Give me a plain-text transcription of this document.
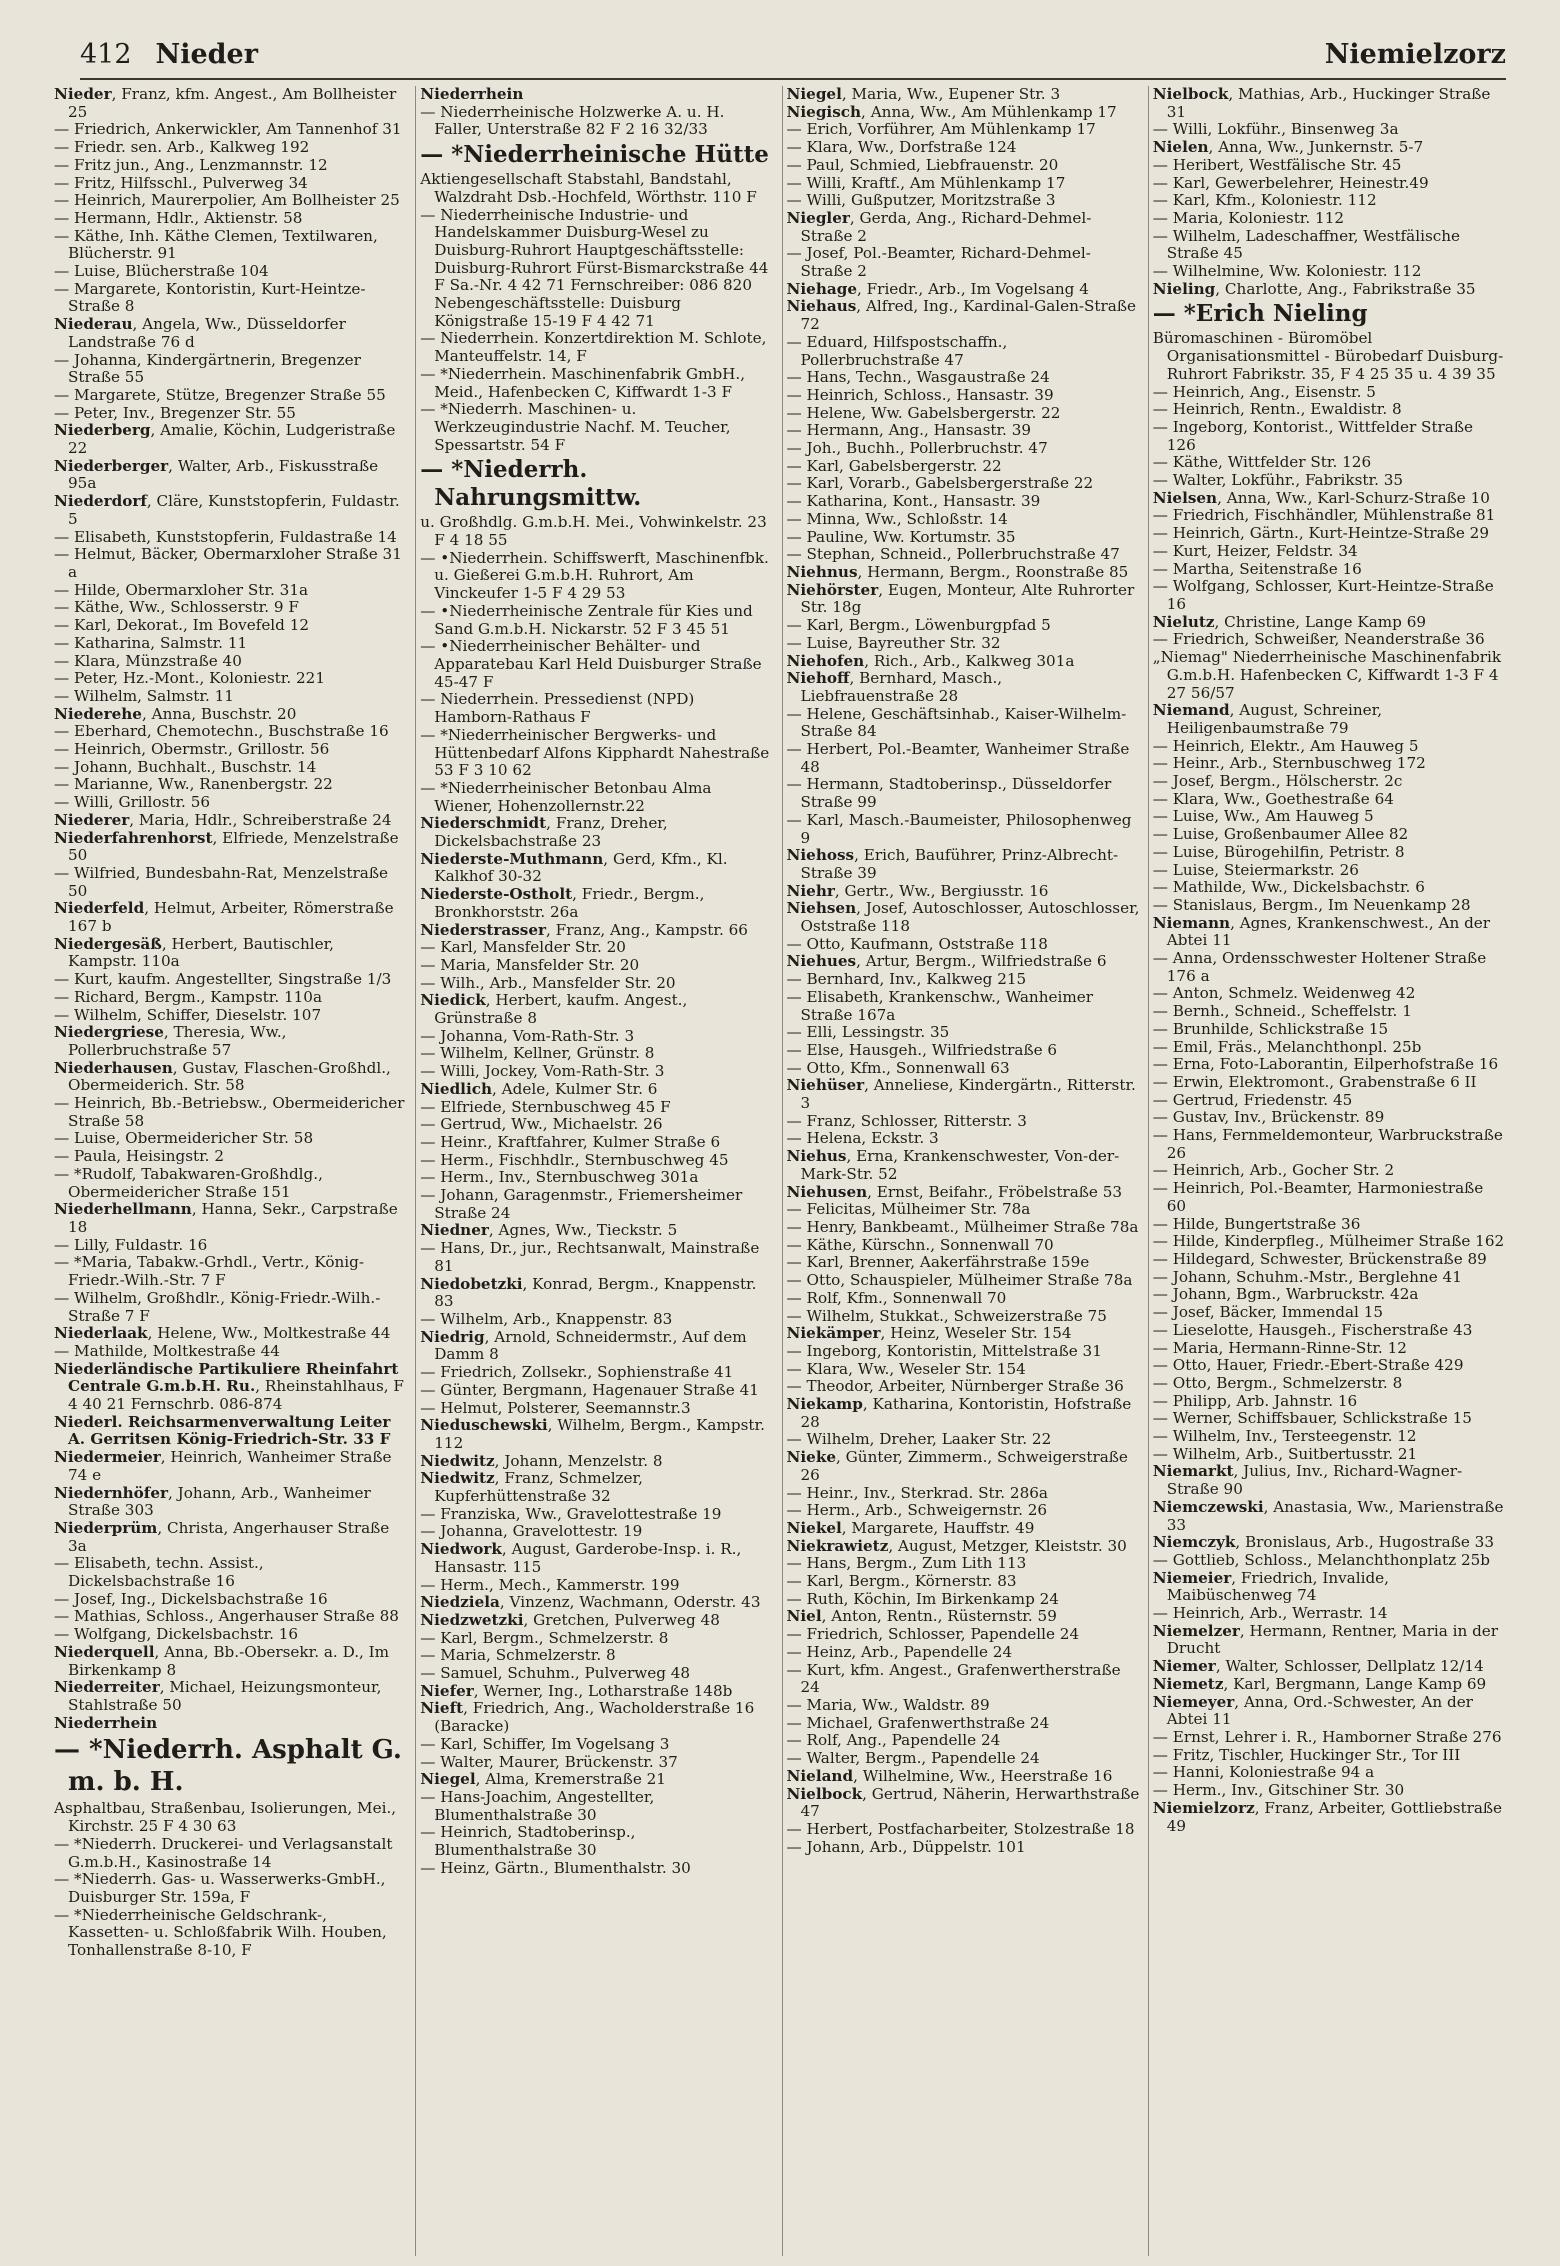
412 Nieder	Niemielzorz

Nieder, Franz, kfm. Angest., Am Bollheister 25

— Friedrich, Ankerwickler, Am Tannenhof 31

— Friedr. sen. Arb., Kalkweg 192

— Fritz jun., Ang., Lenzmannstr. 12

— Fritz, Hilfsschl., Pulverweg 34

— Heinrich, Maurerpolier, Am Bollheister 25

— Hermann, Hdlr., Aktienstr. 58

— Käthe, Inh. Käthe Clemen, Textilwaren, Blücherstr. 91

— Luise, Blücherstraße 104

— Margarete, Kontoristin, Kurt-Heintze-Straße 8

Niederau, Angela, Ww., Düsseldorfer Landstraße 76 d

— Johanna, Kindergärtnerin, Bregenzer Straße 55

— Margarete, Stütze, Bregenzer Straße 55

— Peter, Inv., Bregenzer Str. 55

Niederberg, Amalie, Köchin, Ludgeristraße 22

Niederberger, Walter, Arb., Fiskusstraße 95a

Niederdorf, Cläre, Kunststopferin, Fuldastr. 5

— Elisabeth, Kunststopferin, Fuldastraße 14

— Helmut, Bäcker, Obermarxloher Straße 31 a

— Hilde, Obermarxloher Str. 31a

— Käthe, Ww., Schlosserstr. 9 F

— Karl, Dekorat., Im Bovefeld 12

— Katharina, Salmstr. 11

— Klara, Münzstraße 40

— Peter, Hz.-Mont., Koloniestr. 221

— Wilhelm, Salmstr. 11

Niederehe, Anna, Buschstr. 20

— Eberhard, Chemotechn., Buschstraße 16

— Heinrich, Obermstr., Grillostr. 56

— Johann, Buchhalt., Buschstr. 14

— Marianne, Ww., Ranenbergstr. 22

— Willi, Grillostr. 56

Niederer, Maria, Hdlr., Schreiberstraße 24

Niederfahrenhorst, Elfriede, Menzelstraße 50

— Wilfried, Bundesbahn-Rat, Menzelstraße 50

Niederfeld, Helmut, Arbeiter, Römerstraße 167 b

Niedergesäß, Herbert, Bautischler, Kampstr. 110a

— Kurt, kaufm. Angestellter, Singstraße 1/3

— Richard, Bergm., Kampstr. 110a

— Wilhelm, Schiffer, Dieselstr. 107

Niedergriese, Theresia, Ww., Pollerbruchstraße 57

Niederhausen, Gustav, Flaschen-Großhdl., Obermeiderich. Str. 58

— Heinrich, Bb.-Betriebsw., Obermeidericher Straße 58

— Luise, Obermeidericher Str. 58

— Paula, Heisingstr. 2

— *Rudolf, Tabakwaren-Großhdlg., Obermeidericher Straße 151

Niederhellmann, Hanna, Sekr., Carpstraße 18

— Lilly, Fuldastr. 16

— *Maria, Tabakw.-Grhdl., Vertr., König-Friedr.-Wilh.-Str. 7 F

— Wilhelm, Großhdlr., König-Friedr.-Wilh.-Straße 7 F

Niederlaak, Helene, Ww., Moltkestraße 44

— Mathilde, Moltkestraße 44

Niederländische Partikuliere Rheinfahrt Centrale G.m.b.H. Ru., Rheinstahlhaus, F 4 40 21 Fernschrb. 086-874

Niederl. Reichsarmenverwaltung Leiter A. Gerritsen König-Friedrich-Str. 33 F

Niedermeier, Heinrich, Wanheimer Straße 74 e

Niedernhöfer, Johann, Arb., Wanheimer Straße 303

Niederprüm, Christa, Angerhauser Straße 3a

— Elisabeth, techn. Assist., Dickelsbachstraße 16

— Josef, Ing., Dickelsbachstraße 16

— Mathias, Schloss., Angerhauser Straße 88

— Wolfgang, Dickelsbachstr. 16

Niederquell, Anna, Bb.-Obersekr. a. D., Im Birkenkamp 8

Niederreiter, Michael, Heizungsmonteur, Stahlstraße 50

Niederrhein

— *Niederrh. Asphalt G. m. b. H.

Asphaltbau, Straßenbau, Isolierungen, Mei., Kirchstr. 25 F 4 30 63

— *Niederrh. Druckerei- und Verlagsanstalt G.m.b.H., Kasinostraße 14

— *Niederrh. Gas- u. Wasserwerks-GmbH., Duisburger Str. 159a, F

— *Niederrheinische Geldschrank-, Kassetten- u. Schloßfabrik Wilh. Houben, Tonhallenstraße 8-10, F

Niederrhein

— Niederrheinische Holzwerke A. u. H. Faller, Unterstraße 82 F 2 16 32/33

— *Niederrheinische Hütte

Aktiengesellschaft Stabstahl, Bandstahl, Walzdraht Dsb.-Hochfeld, Wörthstr. 110 F

— Niederrheinische Industrie- und Handelskammer Duisburg-Wesel zu Duisburg-Ruhrort Hauptgeschäftsstelle: Duisburg-Ruhrort Fürst-Bismarckstraße 44 F Sa.-Nr. 4 42 71 Fernschreiber: 086 820 Nebengeschäftsstelle: Duisburg Königstraße 15-19 F 4 42 71

— Niederrhein. Konzertdirektion M. Schlote, Manteuffelstr. 14, F

— *Niederrhein. Maschinenfabrik GmbH., Meid., Hafenbecken C, Kiffwardt 1-3 F

— *Niederrh. Maschinen- u. Werkzeugindustrie Nachf. M. Teucher, Spessartstr. 54 F

— *Niederrh. Nahrungsmittw.

u. Großhdlg. G.m.b.H. Mei., Vohwinkelstr. 23 F 4 18 55

— •Niederrhein. Schiffswerft, Maschinenfbk. u. Gießerei G.m.b.H. Ruhrort, Am Vinckeufer 1-5 F 4 29 53

— •Niederrheinische Zentrale für Kies und Sand G.m.b.H. Nickarstr. 52 F 3 45 51

— •Niederrheinischer Behälter- und Apparatebau Karl Held Duisburger Straße 45-47 F

— Niederrhein. Pressedienst (NPD) Hamborn-Rathaus F

— *Niederrheinischer Bergwerks- und Hüttenbedarf Alfons Kipphardt Nahestraße 53 F 3 10 62

— *Niederrheinischer Betonbau Alma Wiener, Hohenzollernstr.22

Niederschmidt, Franz, Dreher, Dickelsbachstraße 23

Niederste-Muthmann, Gerd, Kfm., Kl. Kalkhof 30-32

Niederste-Ostholt, Friedr., Bergm., Bronkhorststr. 26a

Niederstrasser, Franz, Ang., Kampstr. 66

— Karl, Mansfelder Str. 20

— Maria, Mansfelder Str. 20

— Wilh., Arb., Mansfelder Str. 20

Niedick, Herbert, kaufm. Angest., Grünstraße 8

— Johanna, Vom-Rath-Str. 3

— Wilhelm, Kellner, Grünstr. 8

— Willi, Jockey, Vom-Rath-Str. 3

Niedlich, Adele, Kulmer Str. 6

— Elfriede, Sternbuschweg 45 F

— Gertrud, Ww., Michaelstr. 26

— Heinr., Kraftfahrer, Kulmer Straße 6

— Herm., Fischhdlr., Sternbuschweg 45

— Herm., Inv., Sternbuschweg 301a

— Johann, Garagenmstr., Friemersheimer Straße 24

Niedner, Agnes, Ww., Tieckstr. 5

— Hans, Dr., jur., Rechtsanwalt, Mainstraße 81

Niedobetzki, Konrad, Bergm., Knappenstr. 83

— Wilhelm, Arb., Knappenstr. 83

Niedrig, Arnold, Schneidermstr., Auf dem Damm 8

— Friedrich, Zollsekr., Sophienstraße 41

— Günter, Bergmann, Hagenauer Straße 41

— Helmut, Polsterer, Seemannstr.3

Nieduschewski, Wilhelm, Bergm., Kampstr. 112

Niedwitz, Johann, Menzelstr. 8

Niedwitz, Franz, Schmelzer, Kupferhüttenstraße 32

— Franziska, Ww., Gravelottestraße 19

— Johanna, Gravelottestr. 19

Niedwork, August, Garderobe-Insp. i. R., Hansastr. 115

— Herm., Mech., Kammerstr. 199

Niedziela, Vinzenz, Wachmann, Oderstr. 43

Niedzwetzki, Gretchen, Pulverweg 48

— Karl, Bergm., Schmelzerstr. 8

— Maria, Schmelzerstr. 8

— Samuel, Schuhm., Pulverweg 48

Niefer, Werner, Ing., Lotharstraße 148b

Nieft, Friedrich, Ang., Wacholderstraße 16 (Baracke)

— Karl, Schiffer, Im Vogelsang 3

— Walter, Maurer, Brückenstr. 37

Niegel, Alma, Kremerstraße 21

— Hans-Joachim, Angestellter, Blumenthalstraße 30

— Heinrich, Stadtoberinsp., Blumenthalstraße 30

— Heinz, Gärtn., Blumenthalstr. 30

Niegel, Maria, Ww., Eupener Str. 3

Niegisch, Anna, Ww., Am Mühlenkamp 17

— Erich, Vorführer, Am Mühlenkamp 17

— Klara, Ww., Dorfstraße 124

— Paul, Schmied, Liebfrauenstr. 20

— Willi, Kraftf., Am Mühlenkamp 17

— Willi, Gußputzer, Moritzstraße 3

Niegler, Gerda, Ang., Richard-Dehmel-Straße 2

— Josef, Pol.-Beamter, Richard-Dehmel-Straße 2

Niehage, Friedr., Arb., Im Vogelsang 4

Niehaus, Alfred, Ing., Kardinal-Galen-Straße 72

— Eduard, Hilfspostschaffn., Pollerbruchstraße 47

— Hans, Techn., Wasgaustraße 24

— Heinrich, Schloss., Hansastr. 39

— Helene, Ww. Gabelsbergerstr. 22

— Hermann, Ang., Hansastr. 39

— Joh., Buchh., Pollerbruchstr. 47

— Karl, Gabelsbergerstr. 22

— Karl, Vorarb., Gabelsbergerstraße 22

— Katharina, Kont., Hansastr. 39

— Minna, Ww., Schloßstr. 14

— Pauline, Ww. Kortumstr. 35

— Stephan, Schneid., Pollerbruchstraße 47

Niehnus, Hermann, Bergm., Roonstraße 85

Niehörster, Eugen, Monteur, Alte Ruhrorter Str. 18g

— Karl, Bergm., Löwenburgpfad 5

— Luise, Bayreuther Str. 32

Niehofen, Rich., Arb., Kalkweg 301a

Niehoff, Bernhard, Masch., Liebfrauenstraße 28

— Helene, Geschäftsinhab., Kaiser-Wilhelm-Straße 84

— Herbert, Pol.-Beamter, Wanheimer Straße 48

— Hermann, Stadtoberinsp., Düsseldorfer Straße 99

— Karl, Masch.-Baumeister, Philosophenweg 9

Niehoss, Erich, Bauführer, Prinz-Albrecht-Straße 39

Niehr, Gertr., Ww., Bergiusstr. 16

Niehsen, Josef, Autoschlosser, Autoschlosser, Oststraße 118

— Otto, Kaufmann, Oststraße 118

Niehues, Artur, Bergm., Wilfriedstraße 6

— Bernhard, Inv., Kalkweg 215

— Elisabeth, Krankenschw., Wanheimer Straße 167a

— Elli, Lessingstr. 35

— Else, Hausgeh., Wilfriedstraße 6

— Otto, Kfm., Sonnenwall 63

Niehüser, Anneliese, Kindergärtn., Ritterstr. 3

— Franz, Schlosser, Ritterstr. 3

— Helena, Eckstr. 3

Niehus, Erna, Krankenschwester, Von-der-Mark-Str. 52

Niehusen, Ernst, Beifahr., Fröbelstraße 53

— Felicitas, Mülheimer Str. 78a

— Henry, Bankbeamt., Mülheimer Straße 78a

— Käthe, Kürschn., Sonnenwall 70

— Karl, Brenner, Aakerfährstraße 159e

— Otto, Schauspieler, Mülheimer Straße 78a

— Rolf, Kfm., Sonnenwall 70

— Wilhelm, Stukkat., Schweizerstraße 75

Niekämper, Heinz, Weseler Str. 154

— Ingeborg, Kontoristin, Mittelstraße 31

— Klara, Ww., Weseler Str. 154

— Theodor, Arbeiter, Nürnberger Straße 36

Niekamp, Katharina, Kontoristin, Hofstraße 28

— Wilhelm, Dreher, Laaker Str. 22

Nieke, Günter, Zimmerm., Schweigerstraße 26

— Heinr., Inv., Sterkrad. Str. 286a

— Herm., Arb., Schweigernstr. 26

Niekel, Margarete, Hauffstr. 49

Niekrawietz, August, Metzger, Kleiststr. 30

— Hans, Bergm., Zum Lith 113

— Karl, Bergm., Körnerstr. 83

— Ruth, Köchin, Im Birkenkamp 24

Niel, Anton, Rentn., Rüsternstr. 59

— Friedrich, Schlosser, Papendelle 24

— Heinz, Arb., Papendelle 24

— Kurt, kfm. Angest., Grafenwertherstraße 24

— Maria, Ww., Waldstr. 89

— Michael, Grafenwerthstraße 24

— Rolf, Ang., Papendelle 24

— Walter, Bergm., Papendelle 24

Nieland, Wilhelmine, Ww., Heerstraße 16

Nielbock, Gertrud, Näherin, Herwarthstraße 47

— Herbert, Postfacharbeiter, Stolzestraße 18

— Johann, Arb., Düppelstr. 101

Nielbock, Mathias, Arb., Huckinger Straße 31

— Willi, Lokführ., Binsenweg 3a

Nielen, Anna, Ww., Junkernstr. 5-7

— Heribert, Westfälische Str. 45

— Karl, Gewerbelehrer, Heinestr.49

— Karl, Kfm., Koloniestr. 112

— Maria, Koloniestr. 112

— Wilhelm, Ladeschaffner, Westfälische Straße 45

— Wilhelmine, Ww. Koloniestr. 112

Nieling, Charlotte, Ang., Fabrikstraße 35

— *Erich Nieling

Büromaschinen - Büromöbel Organisationsmittel - Bürobedarf Duisburg-Ruhrort Fabrikstr. 35, F 4 25 35 u. 4 39 35

— Heinrich, Ang., Eisenstr. 5

— Heinrich, Rentn., Ewaldistr. 8

— Ingeborg, Kontorist., Wittfelder Straße 126

— Käthe, Wittfelder Str. 126

— Walter, Lokführ., Fabrikstr. 35

Nielsen, Anna, Ww., Karl-Schurz-Straße 10

— Friedrich, Fischhändler, Mühlenstraße 81

— Heinrich, Gärtn., Kurt-Heintze-Straße 29

— Kurt, Heizer, Feldstr. 34

— Martha, Seitenstraße 16

— Wolfgang, Schlosser, Kurt-Heintze-Straße 16

Nielutz, Christine, Lange Kamp 69

— Friedrich, Schweißer, Neanderstraße 36

„Niemag" Niederrheinische Maschinenfabrik G.m.b.H. Hafenbecken C, Kiffwardt 1-3 F 4 27 56/57

Niemand, August, Schreiner, Heiligenbaumstraße 79

— Heinrich, Elektr., Am Hauweg 5

— Heinr., Arb., Sternbuschweg 172

— Josef, Bergm., Hölscherstr. 2c

— Klara, Ww., Goethestraße 64

— Luise, Ww., Am Hauweg 5

— Luise, Großenbaumer Allee 82

— Luise, Bürogehilfin, Petristr. 8

— Luise, Steiermarkstr. 26

— Mathilde, Ww., Dickelsbachstr. 6

— Stanislaus, Bergm., Im Neuenkamp 28

Niemann, Agnes, Krankenschwest., An der Abtei 11

— Anna, Ordensschwester Holtener Straße 176 a

— Anton, Schmelz. Weidenweg 42

— Bernh., Schneid., Scheffelstr. 1

— Brunhilde, Schlickstraße 15

— Emil, Fräs., Melanchthonpl. 25b

— Erna, Foto-Laborantin, Eilperhofstraße 16

— Erwin, Elektromont., Grabenstraße 6 II

— Gertrud, Friedenstr. 45

— Gustav, Inv., Brückenstr. 89

— Hans, Fernmeldemonteur, Warbruckstraße 26

— Heinrich, Arb., Gocher Str. 2

— Heinrich, Pol.-Beamter, Harmoniestraße 60

— Hilde, Bungertstraße 36

— Hilde, Kinderpfleg., Mülheimer Straße 162

— Hildegard, Schwester, Brückenstraße 89

— Johann, Schuhm.-Mstr., Berglehne 41

— Johann, Bgm., Warbruckstr. 42a

— Josef, Bäcker, Immendal 15

— Lieselotte, Hausgeh., Fischerstraße 43

— Maria, Hermann-Rinne-Str. 12

— Otto, Hauer, Friedr.-Ebert-Straße 429

— Otto, Bergm., Schmelzerstr. 8

— Philipp, Arb. Jahnstr. 16

— Werner, Schiffsbauer, Schlickstraße 15

— Wilhelm, Inv., Tersteegenstr. 12

— Wilhelm, Arb., Suitbertusstr. 21

Niemarkt, Julius, Inv., Richard-Wagner-Straße 90

Niemczewski, Anastasia, Ww., Marienstraße 33

Niemczyk, Bronislaus, Arb., Hugostraße 33

— Gottlieb, Schloss., Melanchthonplatz 25b

Niemeier, Friedrich, Invalide, Maibüschenweg 74

— Heinrich, Arb., Werrastr. 14

Niemelzer, Hermann, Rentner, Maria in der Drucht

Niemer, Walter, Schlosser, Dellplatz 12/14

Niemetz, Karl, Bergmann, Lange Kamp 69

Niemeyer, Anna, Ord.-Schwester, An der Abtei 11

— Ernst, Lehrer i. R., Hamborner Straße 276

— Fritz, Tischler, Huckinger Str., Tor III

— Hanni, Koloniestraße 94 a

— Herm., Inv., Gitschiner Str. 30

Niemielzorz, Franz, Arbeiter, Gottliebstraße 49
